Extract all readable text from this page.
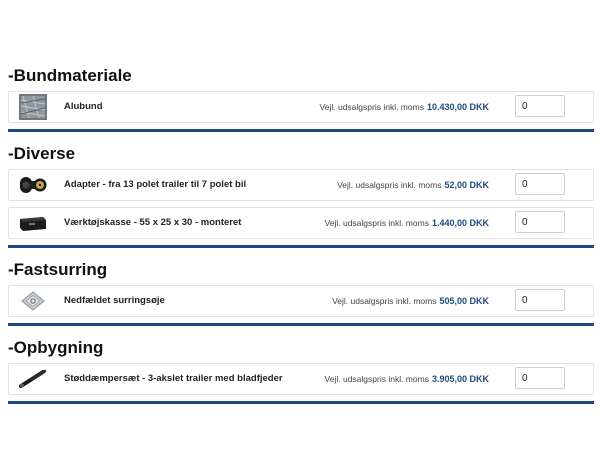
-Bundmateriale
Alubund	Vejl. udsalgspris inkl. moms 10.430,00 DKK
0
-Diverse
Adapter - fra 13 polet trailer til 7 polet bil	Vejl. udsalgspris inkl. moms 52,00 DKK
0
Værktøjskasse - 55 x 25 x 30 - monteret	Vejl. udsalgspris inkl. moms 1.440,00 DKK
0
-Fastsurring
Nedfældet surringsøje	Vejl. udsalgspris inkl. moms 505,00 DKK
0
-Opbygning
Støddæmpersæt - 3-akslet trailer med bladfjeder	Vejl. udsalgspris inkl. moms 3.905,00 DKK
0
